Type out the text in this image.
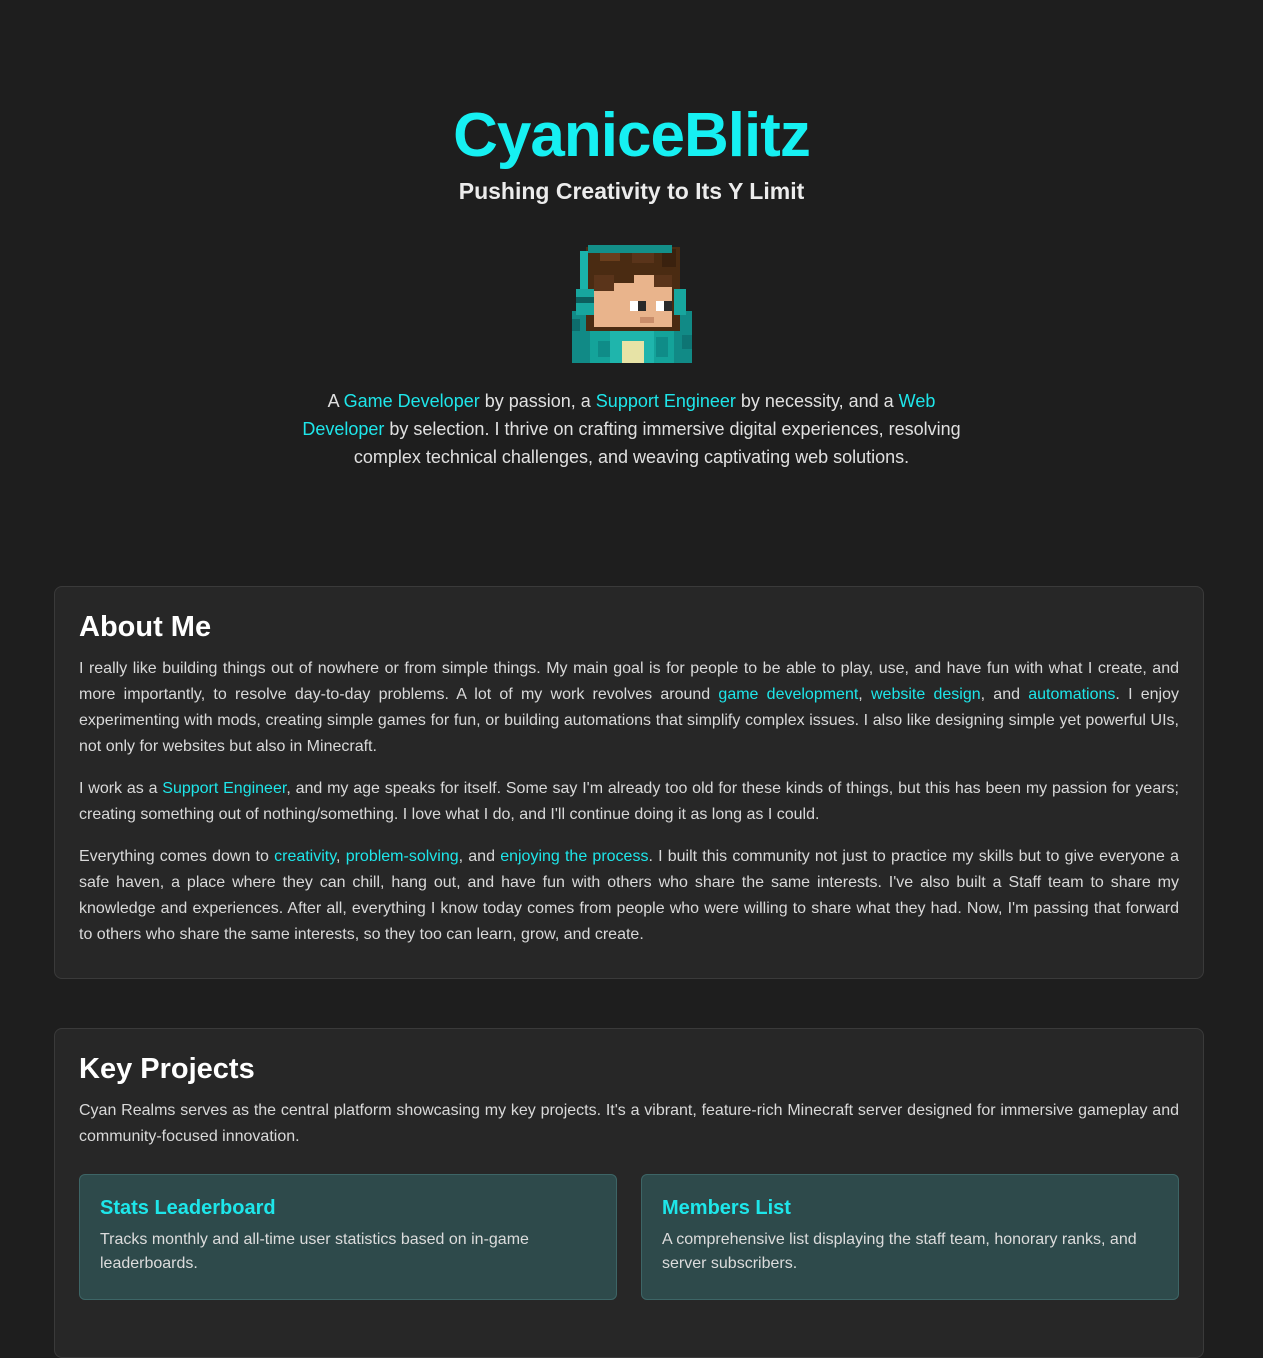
CyaniceBlitz
Pushing Creativity to Its Y Limit
A Game Developer by passion, a Support Engineer by necessity, and a Web Developer by selection. I thrive on crafting immersive digital experiences, resolving complex technical challenges, and weaving captivating web solutions.
About Me

I really like building things out of nowhere or from simple things. My main goal is for people to be able to play, use, and have fun with what I create, and more importantly, to resolve day-to-day problems. A lot of my work revolves around game development, website design, and automations. I enjoy experimenting with mods, creating simple games for fun, or building automations that simplify complex issues. I also like designing simple yet powerful UIs, not only for websites but also in Minecraft.

I work as a Support Engineer, and my age speaks for itself. Some say I'm already too old for these kinds of things, but this has been my passion for years; creating something out of nothing/something. I love what I do, and I'll continue doing it as long as I could.

Everything comes down to creativity, problem-solving, and enjoying the process. I built this community not just to practice my skills but to give everyone a safe haven, a place where they can chill, hang out, and have fun with others who share the same interests. I've also built a Staff team to share my knowledge and experiences. After all, everything I know today comes from people who were willing to share what they had. Now, I'm passing that forward to others who share the same interests, so they too can learn, grow, and create.

Key Projects

Cyan Realms serves as the central platform showcasing my key projects. It's a vibrant, feature-rich Minecraft server designed for immersive gameplay and community-focused innovation.

Stats Leaderboard
Tracks monthly and all-time user statistics based on in-game leaderboards.
Members List
A comprehensive list displaying the staff team, honorary ranks, and server subscribers.
